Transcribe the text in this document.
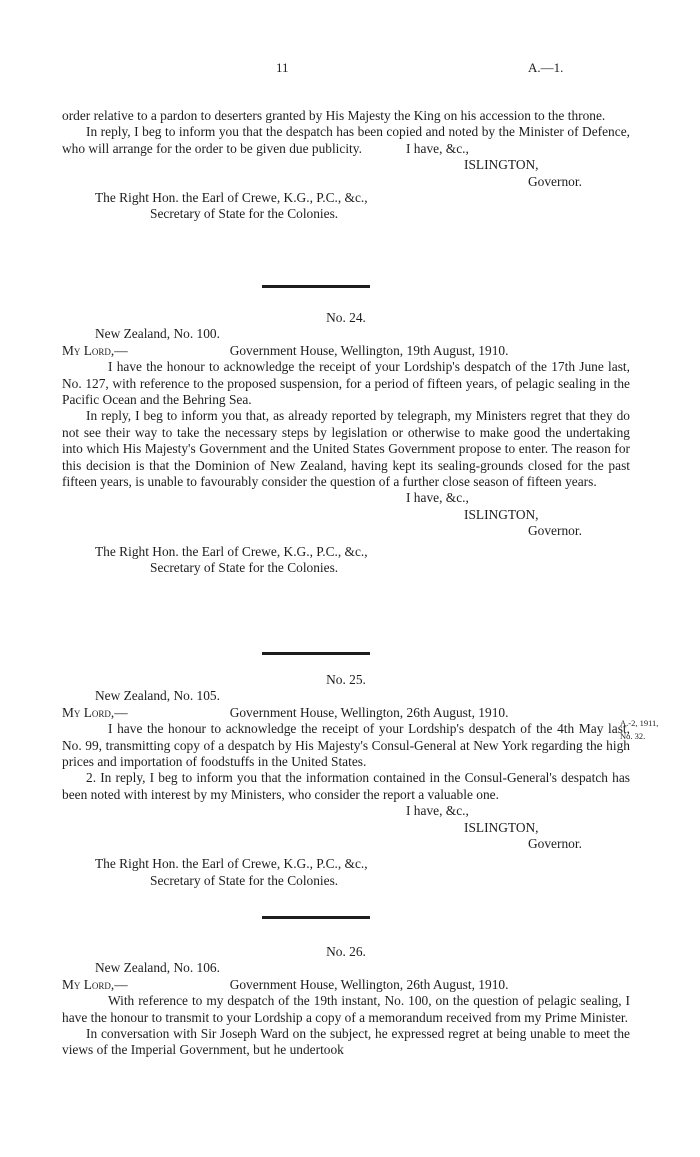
11	A.—1.

order relative to a pardon to deserters granted by His Majesty the King on his accession to the throne.

In reply, I beg to inform you that the despatch has been copied and noted by the Minister of Defence, who will arrange for the order to be given due publicity.	I have, &c.,
ISLINGTON,
Governor.
The Right Hon. the Earl of Crewe, K.G., P.C., &c.,
Secretary of State for the Colonies.
No. 24.
New Zealand, No. 100.
My Lord,—	Government House, Wellington, 19th August, 1910.

I have the honour to acknowledge the receipt of your Lordship's despatch of the 17th June last, No. 127, with reference to the proposed suspension, for a period of fifteen years, of pelagic sealing in the Pacific Ocean and the Behring Sea.

In reply, I beg to inform you that, as already reported by telegraph, my Ministers regret that they do not see their way to take the necessary steps by legislation or otherwise to make good the undertaking into which His Majesty's Government and the United States Government propose to enter. The reason for this decision is that the Dominion of New Zealand, having kept its sealing-grounds closed for the past fifteen years, is unable to favourably consider the question of a further close season of fifteen years.

I have, &c.,
ISLINGTON,
Governor.
The Right Hon. the Earl of Crewe, K.G., P.C., &c.,
Secretary of State for the Colonies.
No. 25.
New Zealand, No. 105.
My Lord,—	Government House, Wellington, 26th August, 1910.

I have the honour to acknowledge the receipt of your Lordship's despatch of the 4th May last, No. 99, transmitting copy of a despatch by His Majesty's Consul-General at New York regarding the high prices and importation of foodstuffs in the United States.

2. In reply, I beg to inform you that the information contained in the Consul-General's despatch has been noted with interest by my Ministers, who consider the report a valuable one.

I have, &c.,
ISLINGTON,
Governor.
The Right Hon. the Earl of Crewe, K.G., P.C., &c.,
Secretary of State for the Colonies.
No. 26.
New Zealand, No. 106.
My Lord,—	Government House, Wellington, 26th August, 1910.

With reference to my despatch of the 19th instant, No. 100, on the question of pelagic sealing, I have the honour to transmit to your Lordship a copy of a memorandum received from my Prime Minister.

In conversation with Sir Joseph Ward on the subject, he expressed regret at being unable to meet the views of the Imperial Government, but he undertook

A.-2, 1911,
No. 32.
